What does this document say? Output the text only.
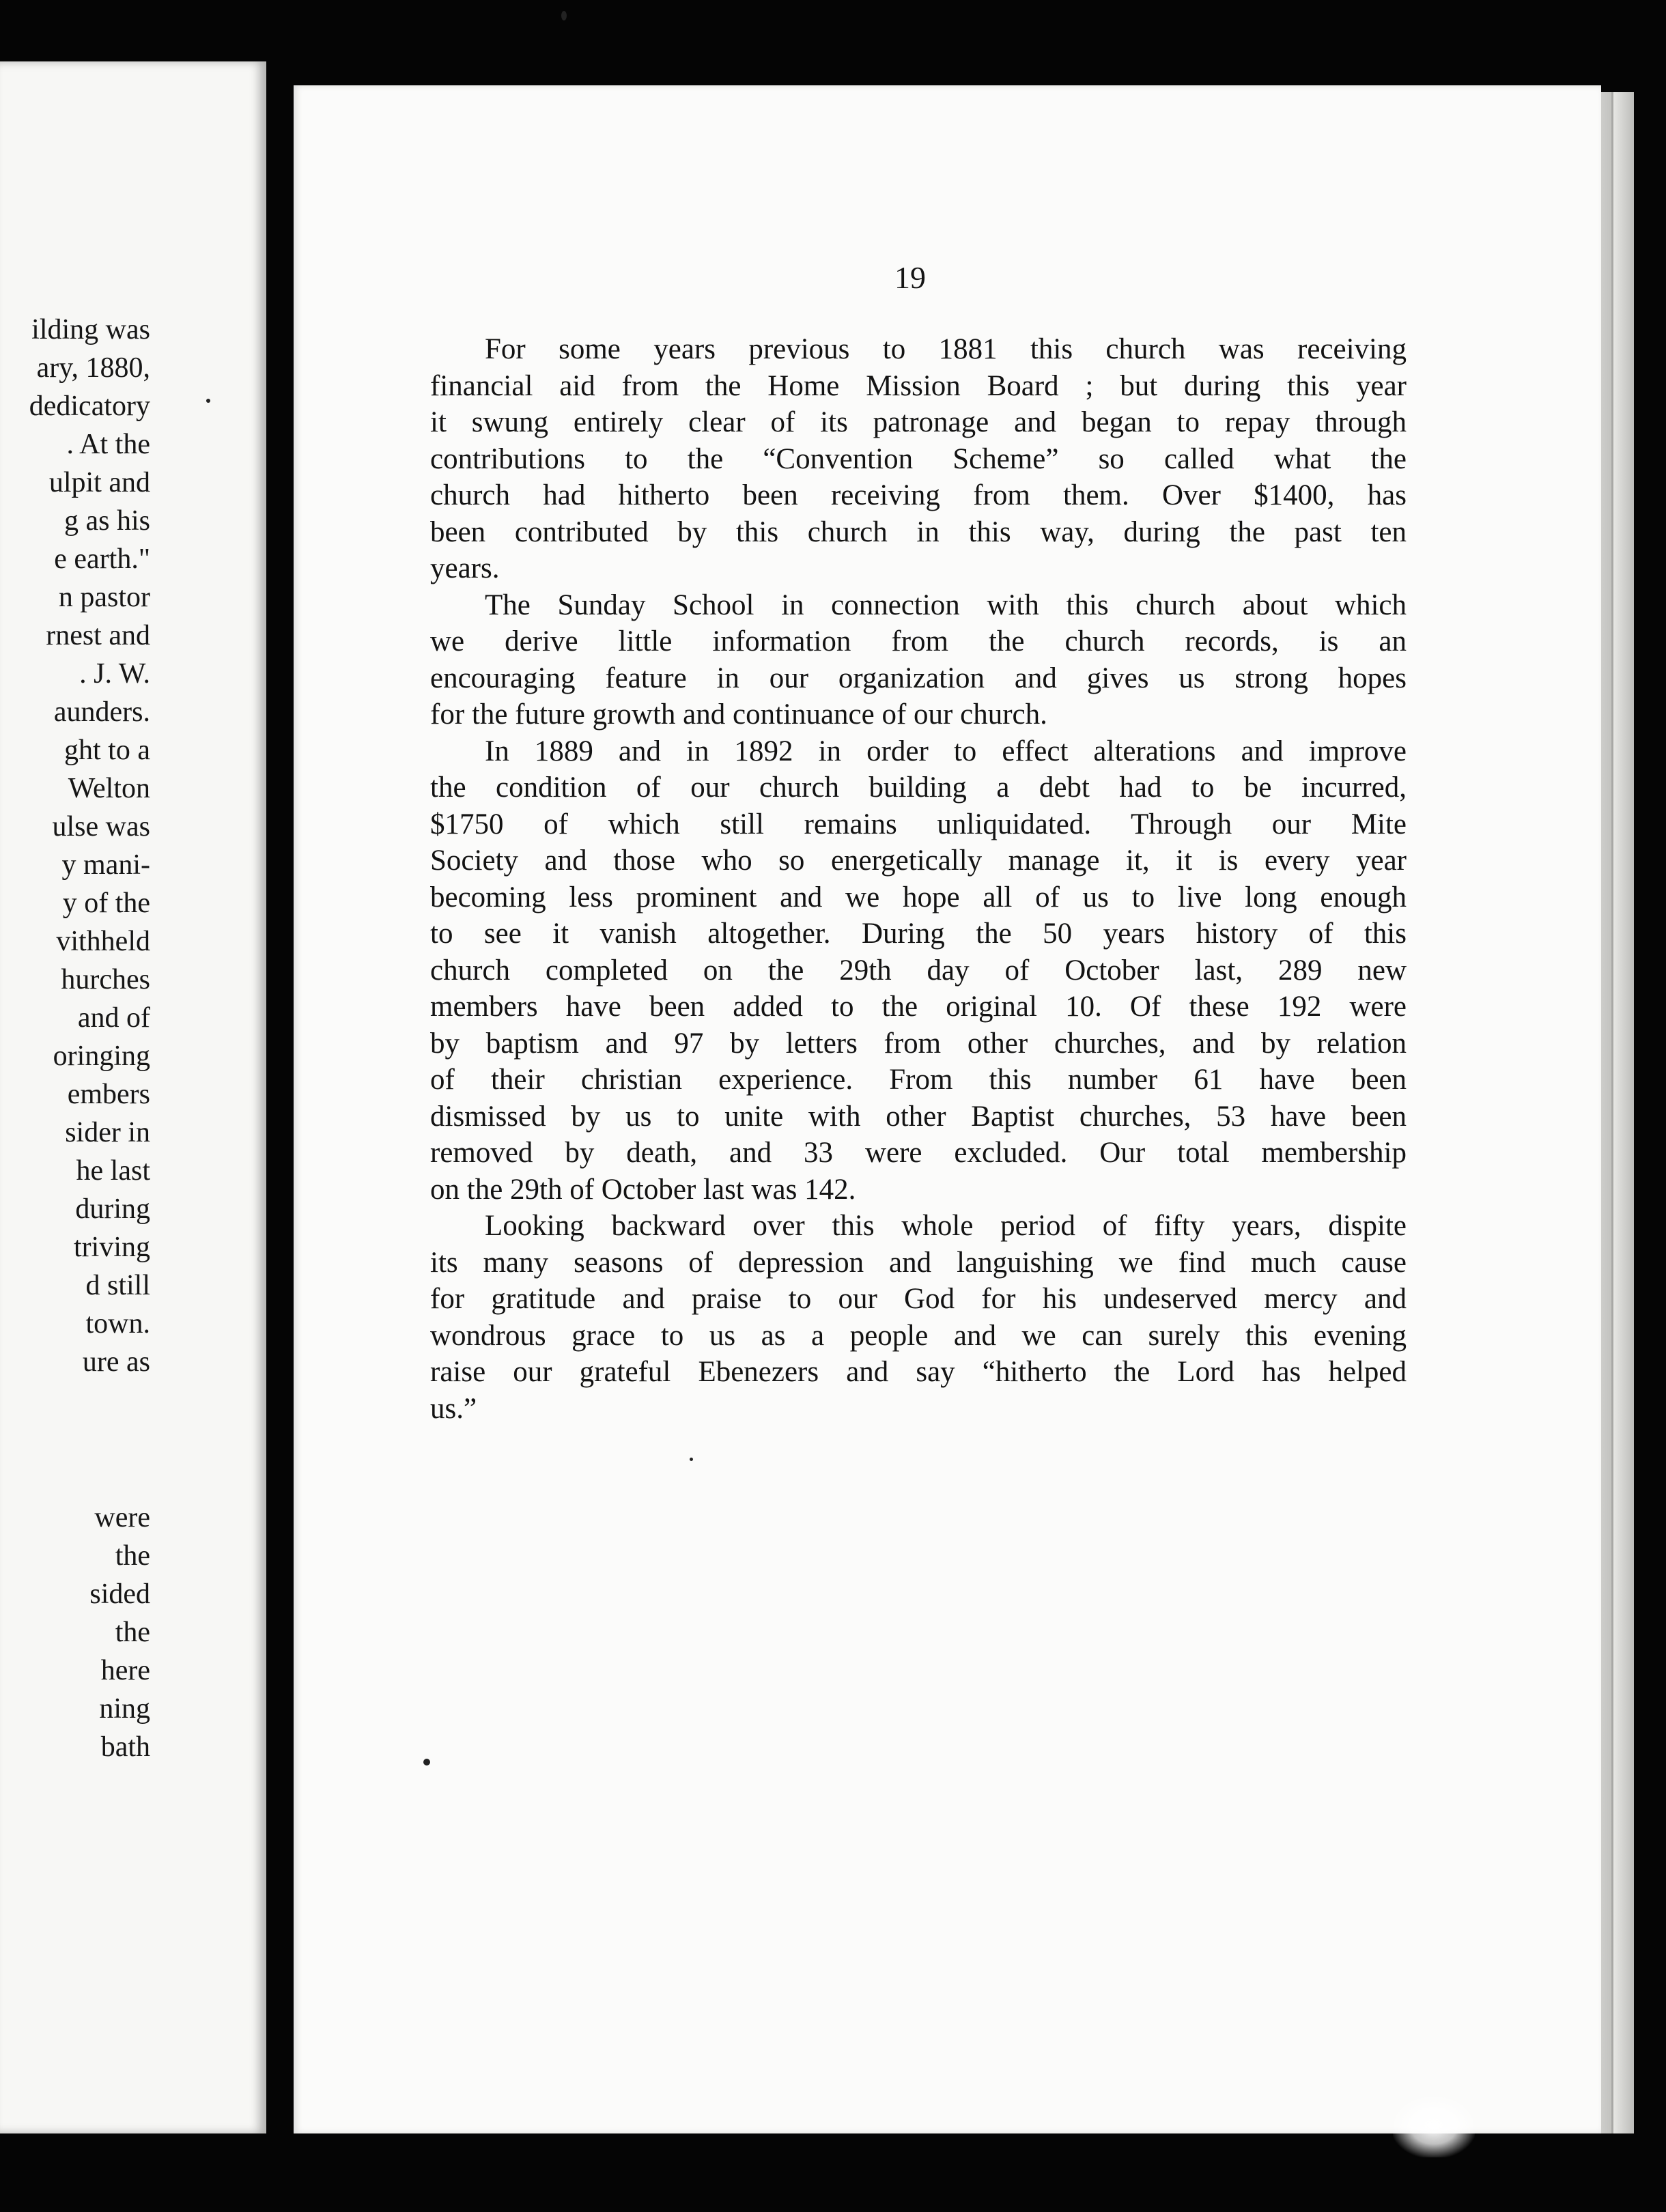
ilding was
ary, 1880,
dedicatory
. At the
ulpit and
g as his
e earth."
n pastor
rnest and
. J. W.
aunders.
ght to a
Welton
ulse was
y mani-
y of the
vithheld
hurches
and of
oringing
embers
sider in
he last
during
triving
d still
town.
ure as
were
the
sided
the
here
ning
bath
19
For some years previous to 1881 this church was receiving
financial aid from the Home Mission Board ; but during this year
it swung entirely clear of its patronage and began to repay through
contributions to the “Convention Scheme” so called what the
church had hitherto been receiving from them. Over $1400, has
been contributed by this church in this way, during the past ten
years.
The Sunday School in connection with this church about which
we derive little information from the church records, is an
encouraging feature in our organization and gives us strong hopes
for the future growth and continuance of our church.
In 1889 and in 1892 in order to effect alterations and improve
the condition of our church building a debt had to be incurred,
$1750 of which still remains unliquidated. Through our Mite
Society and those who so energetically manage it, it is every year
becoming less prominent and we hope all of us to live long enough
to see it vanish altogether. During the 50 years history of this
church completed on the 29th day of October last, 289 new
members have been added to the original 10. Of these 192 were
by baptism and 97 by letters from other churches, and by relation
of their christian experience. From this number 61 have been
dismissed by us to unite with other Baptist churches, 53 have been
removed by death, and 33 were excluded. Our total membership
on the 29th of October last was 142.
Looking backward over this whole period of fifty years, dispite
its many seasons of depression and languishing we find much cause
for gratitude and praise to our God for his undeserved mercy and
wondrous grace to us as a people and we can surely this evening
raise our grateful Ebenezers and say “hitherto the Lord has helped
us.”
